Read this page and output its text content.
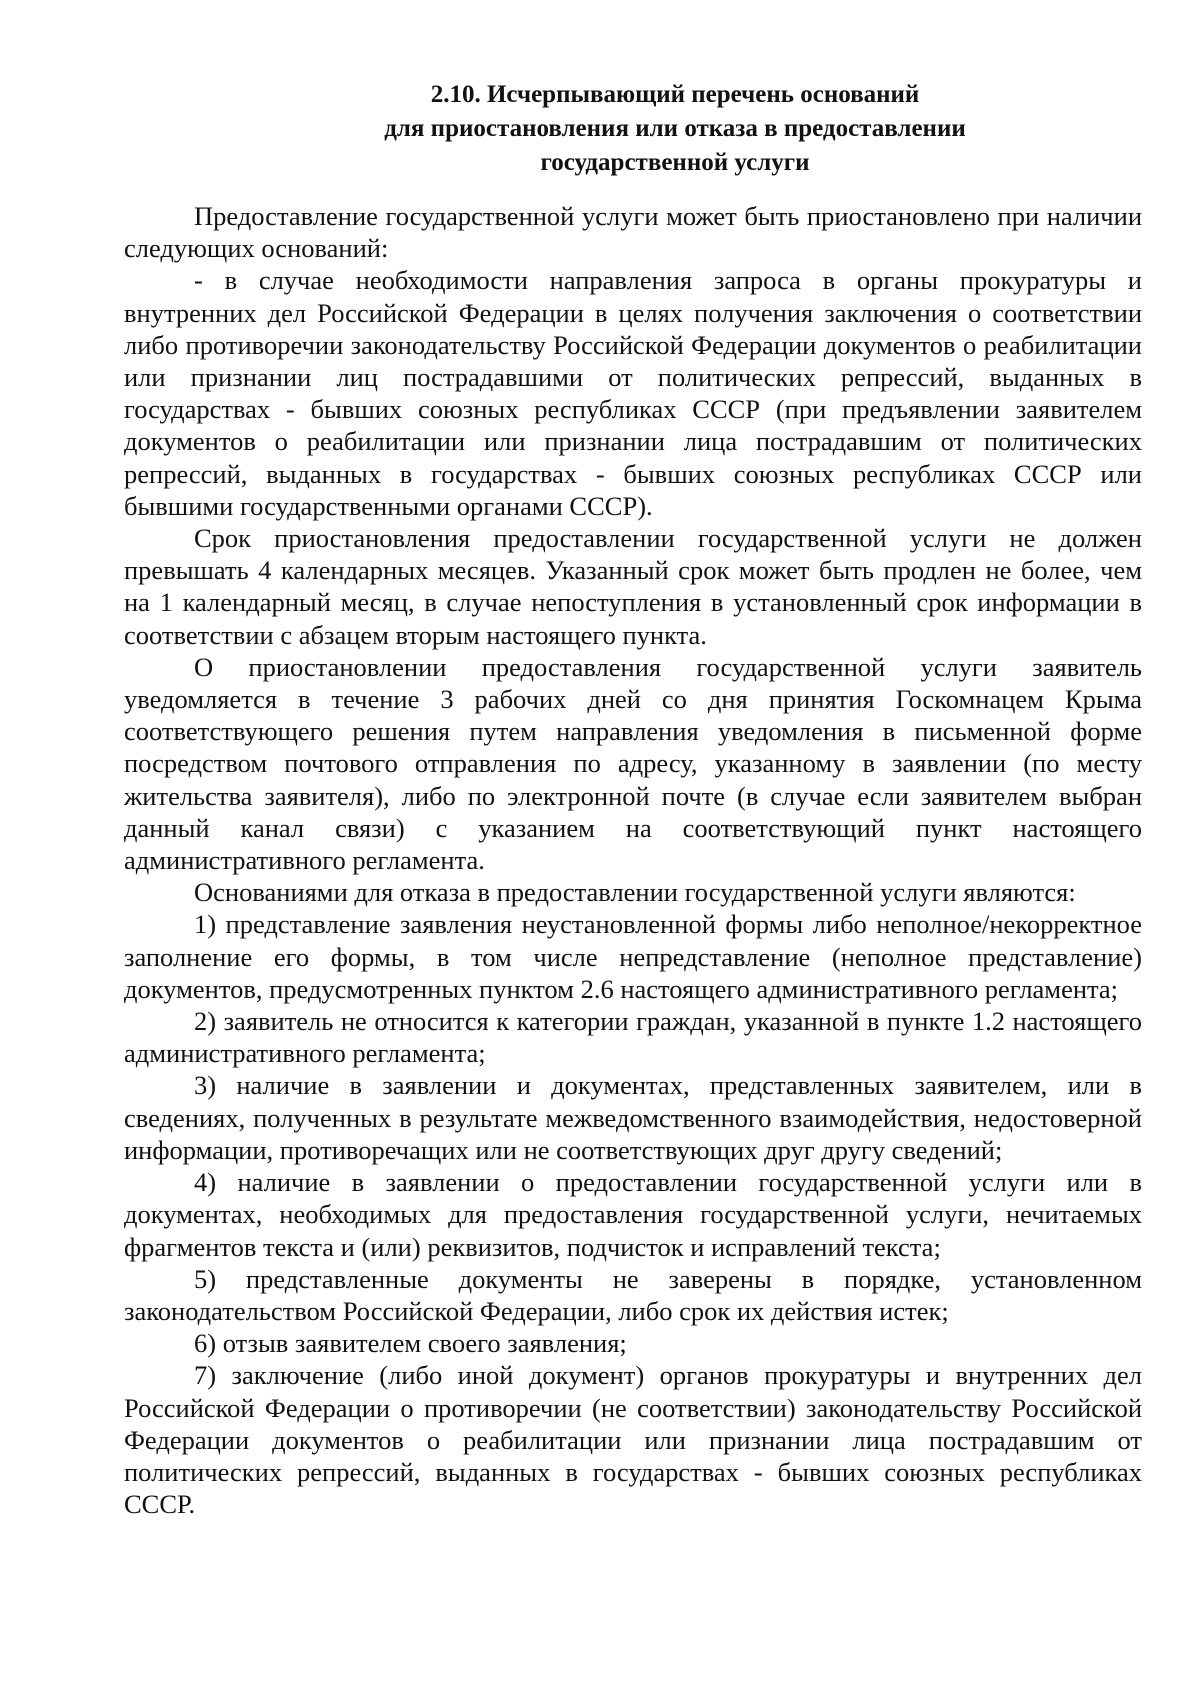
2.10. Исчерпывающий перечень оснований
для приостановления или отказа в предоставлении
государственной услуги

Предоставление государственной услуги может быть приостановлено при наличии следующих оснований:

- в случае необходимости направления запроса в органы прокуратуры и внутренних дел Российской Федерации в целях получения заключения о соответствии либо противоречии законодательству Российской Федерации документов о реабилитации или признании лиц пострадавшими от политических репрессий, выданных в государствах - бывших союзных республиках СССР (при предъявлении заявителем документов о реабилитации или признании лица пострадавшим от политических репрессий, выданных в государствах - бывших союзных республиках СССР или бывшими государственными органами СССР).

Срок приостановления предоставлении государственной услуги не должен превышать 4 календарных месяцев. Указанный срок может быть продлен не более, чем на 1 календарный месяц, в случае непоступления в установленный срок информации в соответствии с абзацем вторым настоящего пункта.

О приостановлении предоставления государственной услуги заявитель уведомляется в течение 3 рабочих дней со дня принятия Госкомнацем Крыма соответствующего решения путем направления уведомления в письменной форме посредством почтового отправления по адресу, указанному в заявлении (по месту жительства заявителя), либо по электронной почте (в случае если заявителем выбран данный канал связи) с указанием на соответствующий пункт настоящего административного регламента.

Основаниями для отказа в предоставлении государственной услуги являются:

1) представление заявления неустановленной формы либо неполное/некорректное заполнение его формы, в том числе непредставление (неполное представление) документов, предусмотренных пунктом 2.6 настоящего административного регламента;

2) заявитель не относится к категории граждан, указанной в пункте 1.2 настоящего административного регламента;

3) наличие в заявлении и документах, представленных заявителем, или в сведениях, полученных в результате межведомственного взаимодействия, недостоверной информации, противоречащих или не соответствующих друг другу сведений;

4) наличие в заявлении о предоставлении государственной услуги или в документах, необходимых для предоставления государственной услуги, нечитаемых фрагментов текста и (или) реквизитов, подчисток и исправлений текста;

5) представленные документы не заверены в порядке, установленном законодательством Российской Федерации, либо срок их действия истек;

6) отзыв заявителем своего заявления;

7) заключение (либо иной документ) органов прокуратуры и внутренних дел Российской Федерации о противоречии (не соответствии) законодательству Российской Федерации документов о реабилитации или признании лица пострадавшим от политических репрессий, выданных в государствах - бывших союзных республиках СССР.
